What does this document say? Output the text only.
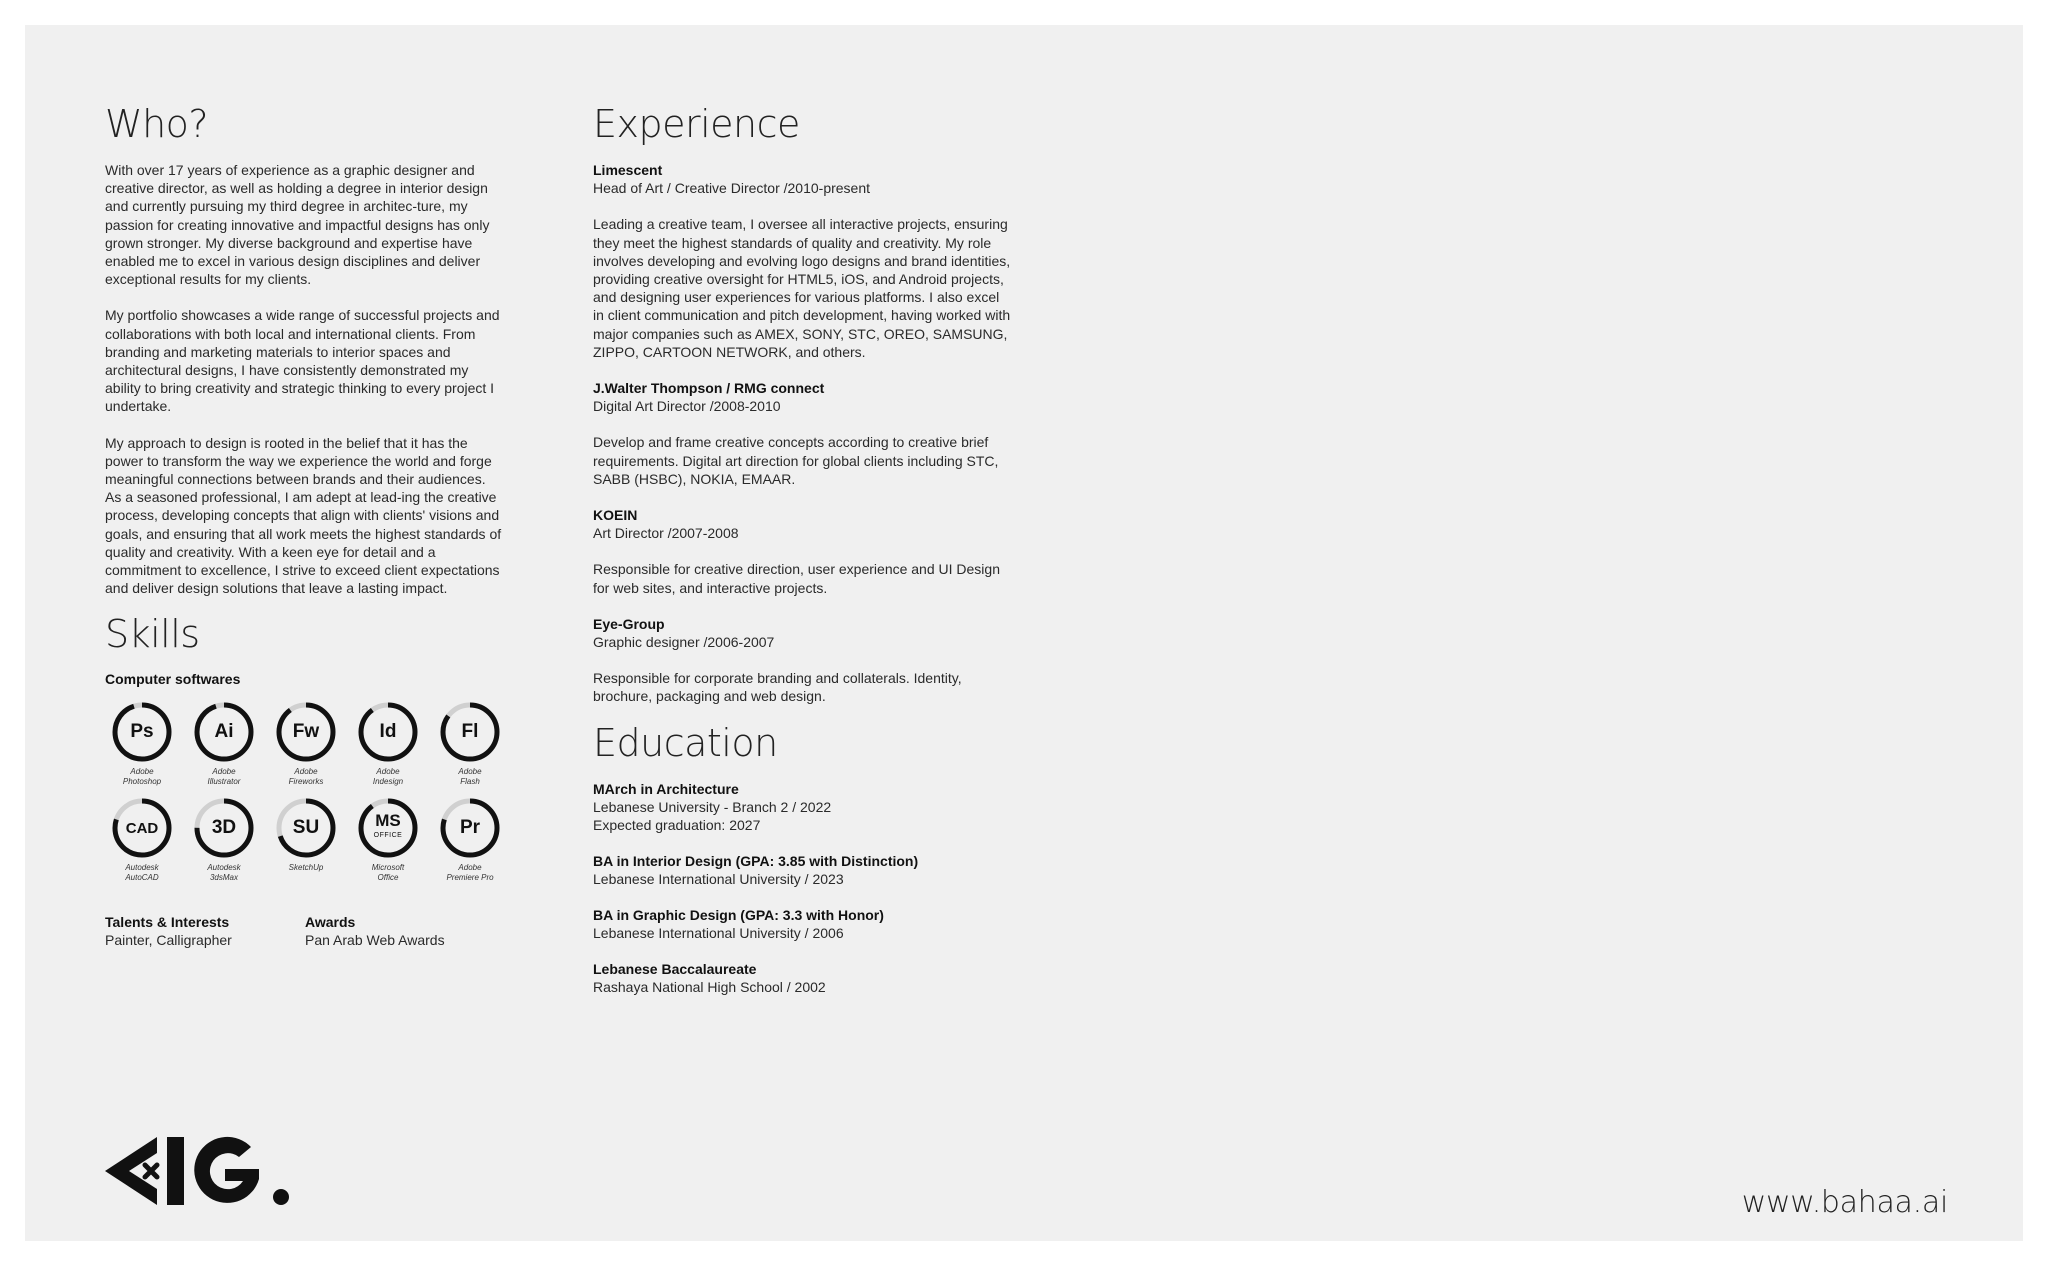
Who?

With over 17 years of experience as a graphic designer and creative director, as well as holding a degree in interior design and currently pursuing my third degree in architec-ture, my passion for creating innovative and impactful designs has only grown stronger. My diverse background and expertise have enabled me to excel in various design disciplines and deliver exceptional results for my clients.

My portfolio showcases a wide range of successful projects and collaborations with both local and international clients. From branding and marketing materials to interior spaces and architectural designs, I have consistently demonstrated my ability to bring creativity and strategic thinking to every project I undertake.

My approach to design is rooted in the belief that it has the power to transform the way we experience the world and forge meaningful connections between brands and their audiences. As a seasoned professional, I am adept at lead-ing the creative process, developing concepts that align with clients' visions and goals, and ensuring that all work meets the highest standards of quality and creativity. With a keen eye for detail and a commitment to excellence, I strive to exceed client expectations and deliver design solutions that leave a lasting impact.

Skills
Computer softwares
Ps
Adobe
Photoshop
Ai
Adobe
Illustrator
Fw
Adobe
Fireworks
Id
Adobe
Indesign
Fl
Adobe
Flash
CAD
Autodesk
AutoCAD
3D
Autodesk
3dsMax
SU
SketchUp
MS
OFFICE
Microsoft
Office
Pr
Adobe
Premiere Pro
Talents & Interests
Painter, Calligrapher
Awards
Pan Arab Web Awards
Experience
Limescent
Head of Art / Creative Director /2010-present

Leading a creative team, I oversee all interactive projects, ensuring they meet the highest standards of quality and creativity. My role involves developing and evolving logo designs and brand identities, providing creative oversight for HTML5, iOS, and Android projects, and designing user experiences for various platforms. I also excel in client communication and pitch development, having worked with major companies such as AMEX, SONY, STC, OREO, SAMSUNG, ZIPPO, CARTOON NETWORK, and others.

J.Walter Thompson / RMG connect
Digital Art Director /2008-2010

Develop and frame creative concepts according to creative brief requirements. Digital art direction for global clients including STC, SABB (HSBC), NOKIA, EMAAR.

KOEIN
Art Director /2007-2008

Responsible for creative direction, user experience and UI Design for web sites, and interactive projects.

Eye-Group
Graphic designer /2006-2007

Responsible for corporate branding and collaterals. Identity, brochure, packaging and web design.

Education
MArch in Architecture
Lebanese University - Branch 2 / 2022
Expected graduation: 2027
BA in Interior Design (GPA: 3.85 with Distinction)
Lebanese International University / 2023
BA in Graphic Design (GPA: 3.3 with Honor)
Lebanese International University / 2006
Lebanese Baccalaureate
Rashaya National High School / 2002
www.bahaa.ai
